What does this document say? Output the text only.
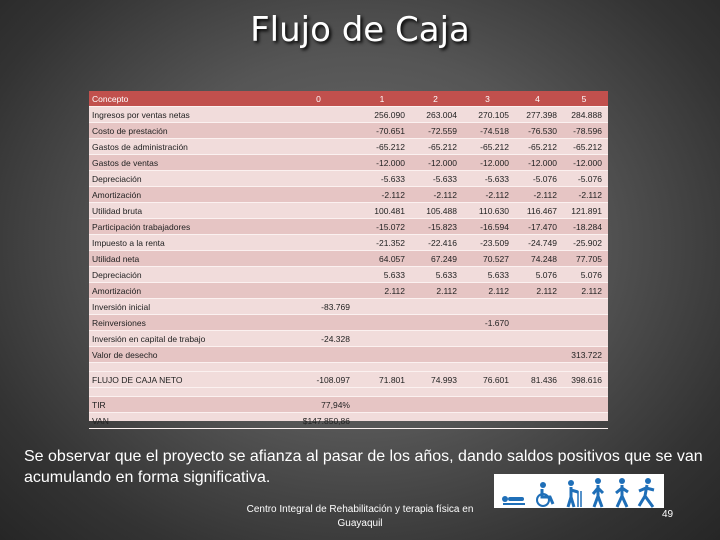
Flujo de Caja
Concepto	0	1	2	3	4	5
Ingresos por ventas netas		256.090	263.004	270.105	277.398	284.888
Costo de prestación		-70.651	-72.559	-74.518	-76.530	-78.596
Gastos de administración		-65.212	-65.212	-65.212	-65.212	-65.212
Gastos de ventas		-12.000	-12.000	-12.000	-12.000	-12.000
Depreciación		-5.633	-5.633	-5.633	-5.076	-5.076
Amortización		-2.112	-2.112	-2.112	-2.112	-2.112
Utilidad bruta		100.481	105.488	110.630	116.467	121.891
Participación trabajadores		-15.072	-15.823	-16.594	-17.470	-18.284
Impuesto a la renta		-21.352	-22.416	-23.509	-24.749	-25.902
Utilidad neta		64.057	67.249	70.527	74.248	77.705
Depreciación		5.633	5.633	5.633	5.076	5.076
Amortización		2.112	2.112	2.112	2.112	2.112
Inversión inicial	-83.769					
Reinversiones				-1.670		
Inversión en capital de trabajo	-24.328					
Valor de desecho						313.722

FLUJO DE CAJA NETO	-108.097	71.801	74.993	76.601	81.436	398.616

TIR	77,94%					
VAN	$147.850,86					
Se observar que el proyecto se afianza al pasar de los años, dando saldos positivos que se van acumulando en forma significativa.
Centro Integral de Rehabilitación y terapia física en Guayaquil
49
